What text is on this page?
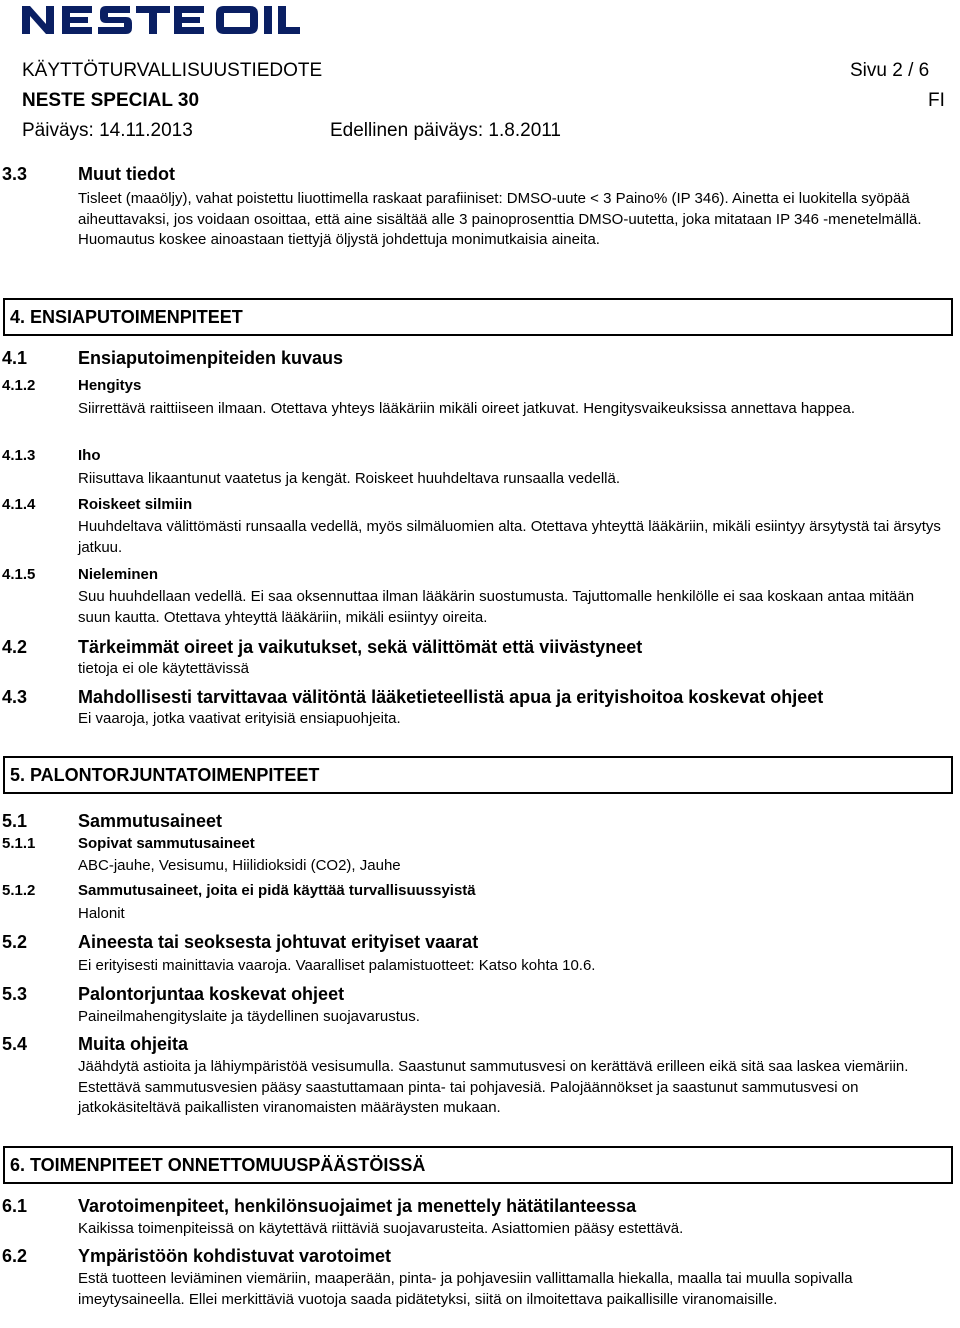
KÄYTTÖTURVALLISUUSTIEDOTE	Sivu 2 / 6
NESTE SPECIAL 30	FI
Päiväys: 14.11.2013	Edellinen päiväys: 1.8.2011
3.3	Muut tiedot
Tisleet (maaöljy), vahat poistettu liuottimella raskaat parafiiniset: DMSO-uute < 3 Paino% (IP 346). Ainetta ei luokitella syöpää aiheuttavaksi, jos voidaan osoittaa, että aine sisältää alle 3 painoprosenttia DMSO-uutetta, joka mitataan IP 346 -menetelmällä. Huomautus koskee ainoastaan tiettyjä öljystä johdettuja monimutkaisia aineita.
4. ENSIAPUTOIMENPITEET
4.1	Ensiaputoimenpiteiden kuvaus
4.1.2	Hengitys
Siirrettävä raittiiseen ilmaan. Otettava yhteys lääkäriin mikäli oireet jatkuvat. Hengitysvaikeuksissa annettava happea.
4.1.3	Iho
Riisuttava likaantunut vaatetus ja kengät. Roiskeet huuhdeltava runsaalla vedellä.
4.1.4	Roiskeet silmiin
Huuhdeltava välittömästi runsaalla vedellä, myös silmäluomien alta. Otettava yhteyttä lääkäriin, mikäli esiintyy ärsytystä tai ärsytys jatkuu.
4.1.5	Nieleminen
Suu huuhdellaan vedellä. Ei saa oksennuttaa ilman lääkärin suostumusta. Tajuttomalle henkilölle ei saa koskaan antaa mitään suun kautta. Otettava yhteyttä lääkäriin, mikäli esiintyy oireita.
4.2	Tärkeimmät oireet ja vaikutukset, sekä välittömät että viivästyneet
tietoja ei ole käytettävissä
4.3	Mahdollisesti tarvittavaa välitöntä lääketieteellistä apua ja erityishoitoa koskevat ohjeet
Ei vaaroja, jotka vaativat erityisiä ensiapuohjeita.
5. PALONTORJUNTATOIMENPITEET
5.1	Sammutusaineet
5.1.1	Sopivat sammutusaineet
ABC-jauhe, Vesisumu, Hiilidioksidi (CO2), Jauhe
5.1.2	Sammutusaineet, joita ei pidä käyttää turvallisuussyistä
Halonit
5.2	Aineesta tai seoksesta johtuvat erityiset vaarat
Ei erityisesti mainittavia vaaroja. Vaaralliset palamistuotteet: Katso kohta 10.6.
5.3	Palontorjuntaa koskevat ohjeet
Paineilmahengityslaite ja täydellinen suojavarustus.
5.4	Muita ohjeita
Jäähdytä astioita ja lähiympäristöä vesisumulla. Saastunut sammutusvesi on kerättävä erilleen eikä sitä saa laskea viemäriin. Estettävä sammutusvesien pääsy saastuttamaan pinta- tai pohjavesiä. Palojäännökset ja saastunut sammutusvesi on jatkokäsiteltävä paikallisten viranomaisten määräysten mukaan.
6. TOIMENPITEET ONNETTOMUUSPÄÄSTÖISSÄ
6.1	Varotoimenpiteet, henkilönsuojaimet ja menettely hätätilanteessa
Kaikissa toimenpiteissä on käytettävä riittäviä suojavarusteita. Asiattomien pääsy estettävä.
6.2	Ympäristöön kohdistuvat varotoimet
Estä tuotteen leviäminen viemäriin, maaperään, pinta- ja pohjavesiin vallittamalla hiekalla, maalla tai muulla sopivalla imeytysaineella. Ellei merkittäviä vuotoja saada pidätetyksi, siitä on ilmoitettava paikallisille viranomaisille.
